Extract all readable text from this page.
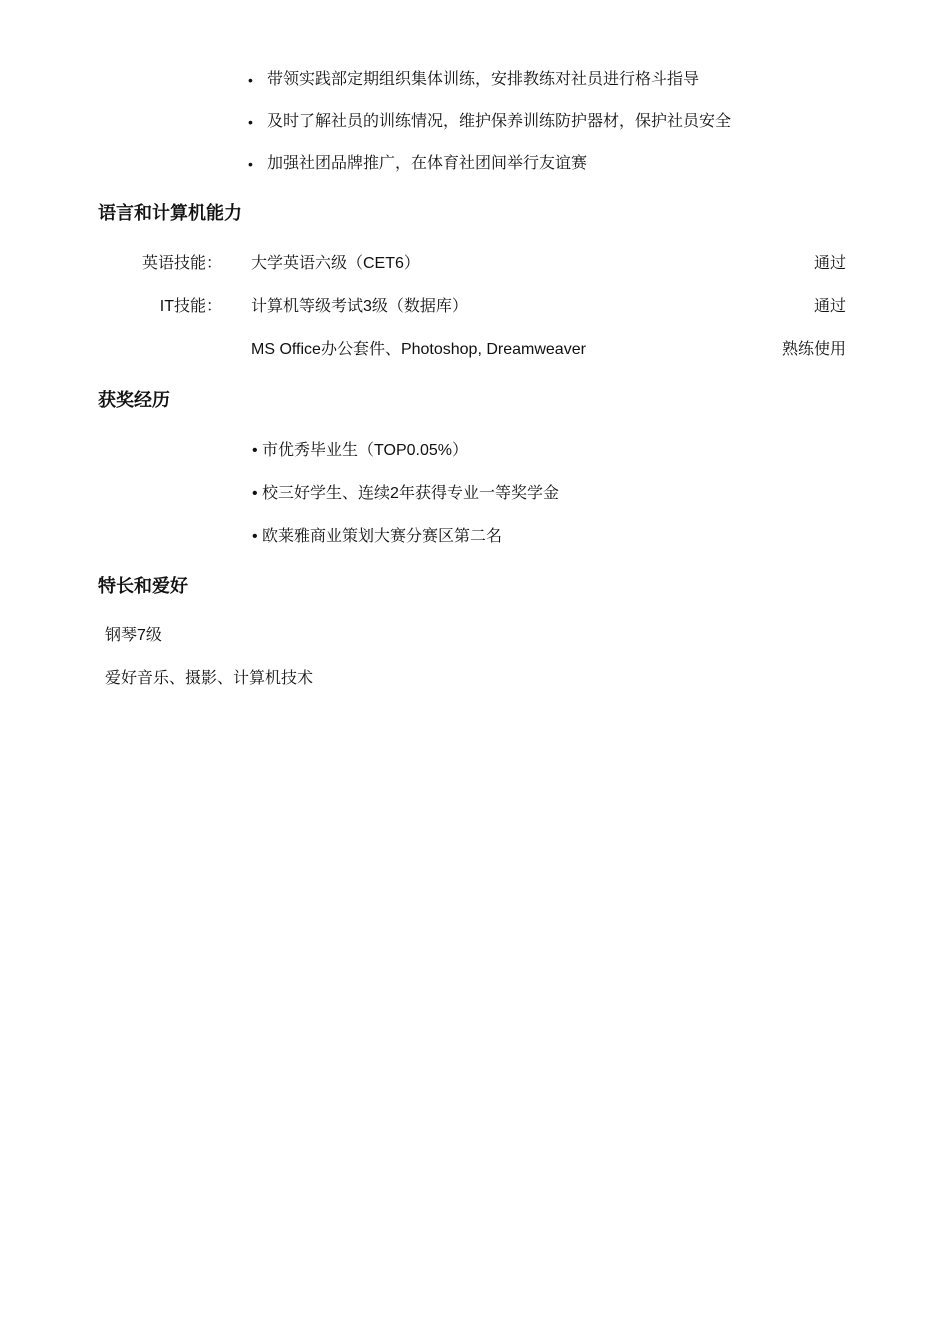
• 带领实践部定期组织集体训练，安排教练对社员进行格斗指导
• 及时了解社员的训练情况，维护保养训练防护器材，保护社员安全
• 加强社团品牌推广，在体育社团间举行友谊赛
语言和计算机能力
英语技能： 大学英语六级（CET6）	通过
IT技能： 计算机等级考试3级（数据库）	通过
MS Office办公套件、Photoshop, Dreamweaver	熟练使用
获奖经历
• 市优秀毕业生（TOP0.05%）
• 校三好学生、连续2年获得专业一等奖学金
• 欧莱雅商业策划大赛分赛区第二名
特长和爱好
钢琴7级
爱好音乐、摄影、计算机技术
